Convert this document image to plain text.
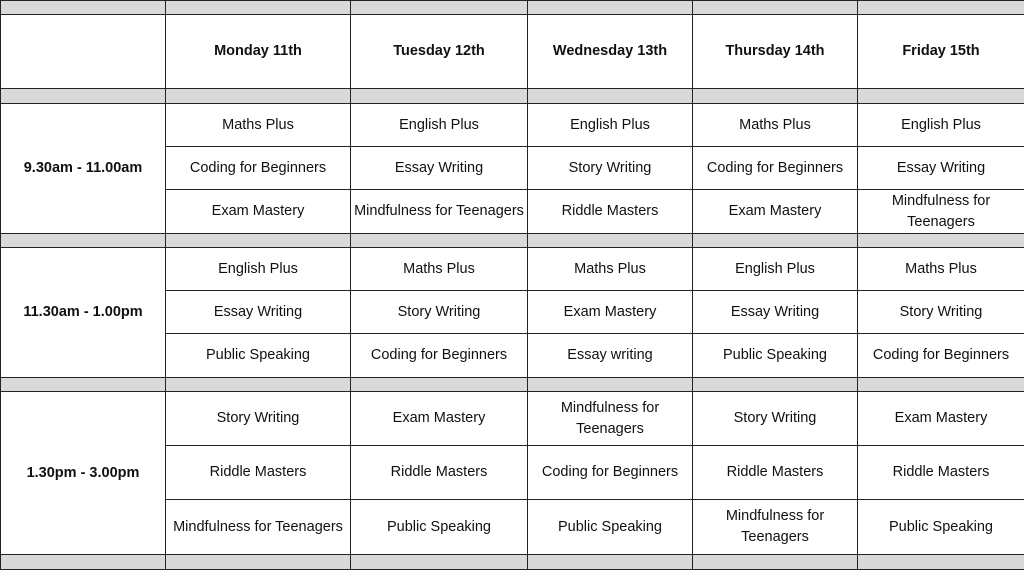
	Monday 11th	Tuesday 12th	Wednesday 13th	Thursday 14th	Friday 15th

9.30am - 11.00am	Maths Plus	English Plus	English Plus	Maths Plus	English Plus
	Coding for Beginners	Essay Writing	Story Writing	Coding for Beginners	Essay Writing
	Exam Mastery	Mindfulness for Teenagers	Riddle Masters	Exam Mastery	Mindfulness for Teenagers

11.30am - 1.00pm	English Plus	Maths Plus	Maths Plus	English Plus	Maths Plus
	Essay Writing	Story Writing	Exam Mastery	Essay Writing	Story Writing
	Public Speaking	Coding for Beginners	Essay writing	Public Speaking	Coding for Beginners

1.30pm - 3.00pm	Story Writing	Exam Mastery	Mindfulness for Teenagers	Story Writing	Exam Mastery
	Riddle Masters	Riddle Masters	Coding for Beginners	Riddle Masters	Riddle Masters
	Mindfulness for Teenagers	Public Speaking	Public Speaking	Mindfulness for Teenagers	Public Speaking
